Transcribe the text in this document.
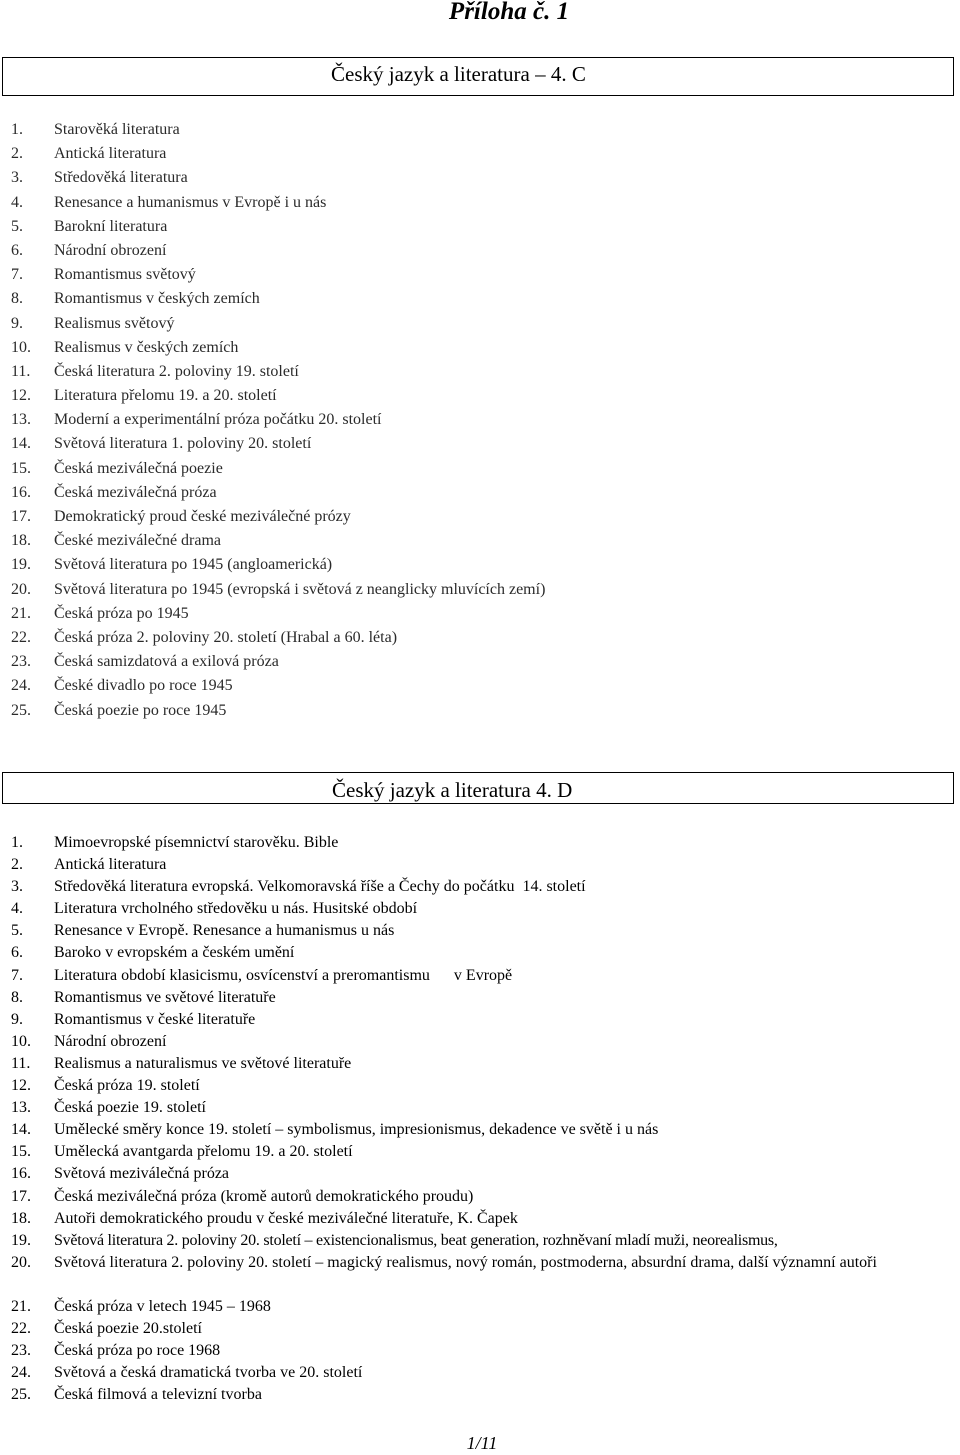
Příloha č. 1
Český jazyk a literatura – 4. C
1. Starověká literatura
2. Antická literatura
3. Středověká literatura
4. Renesance a humanismus v Evropě i u nás
5. Barokní literatura
6. Národní obrození
7. Romantismus světový
8. Romantismus v českých zemích
9. Realismus světový
10. Realismus v českých zemích
11. Česká literatura 2. poloviny 19. století
12. Literatura přelomu 19. a 20. století
13. Moderní a experimentální próza počátku 20. století
14. Světová literatura 1. poloviny 20. století
15. Česká meziválečná poezie
16. Česká meziválečná próza
17. Demokratický proud české meziválečné prózy
18. České meziválečné drama
19. Světová literatura po 1945 (angloamerická)
20. Světová literatura po 1945 (evropská i světová z neanglicky mluvících zemí)
21. Česká próza po 1945
22. Česká próza 2. poloviny 20. století (Hrabal a 60. léta)
23. Česká samizdatová a exilová próza
24. České divadlo po roce 1945
25. Česká poezie po roce 1945
Český jazyk a literatura 4. D
1. Mimoevropské písemnictví starověku. Bible
2. Antická literatura
3. Středověká literatura evropská. Velkomoravská říše a Čechy do počátku  14. století
4. Literatura vrcholného středověku u nás. Husitské období
5. Renesance v Evropě. Renesance a humanismus u nás
6. Baroko v evropském a českém umění
7. Literatura období klasicismu, osvícenství a preromantismu      v Evropě
8. Romantismus ve světové literatuře
9. Romantismus v české literatuře
10. Národní obrození
11. Realismus a naturalismus ve světové literatuře
12. Česká próza 19. století
13. Česká poezie 19. století
14. Umělecké směry konce 19. století – symbolismus, impresionismus, dekadence ve světě i u nás
15. Umělecká avantgarda přelomu 19. a 20. století
16. Světová meziválečná próza
17. Česká meziválečná próza (kromě autorů demokratického proudu)
18. Autoři demokratického proudu v české meziválečné literatuře, K. Čapek
19. Světová literatura 2. poloviny 20. století – existencionalismus, beat generation, rozhněvaní mladí muži, neorealismus,
20. Světová literatura 2. poloviny 20. století – magický realismus, nový román, postmoderna, absurdní drama, další významní autoři
21. Česká próza v letech 1945 – 1968
22. Česká poezie 20.století
23. Česká próza po roce 1968
24. Světová a česká dramatická tvorba ve 20. století
25. Česká filmová a televizní tvorba
1/11
